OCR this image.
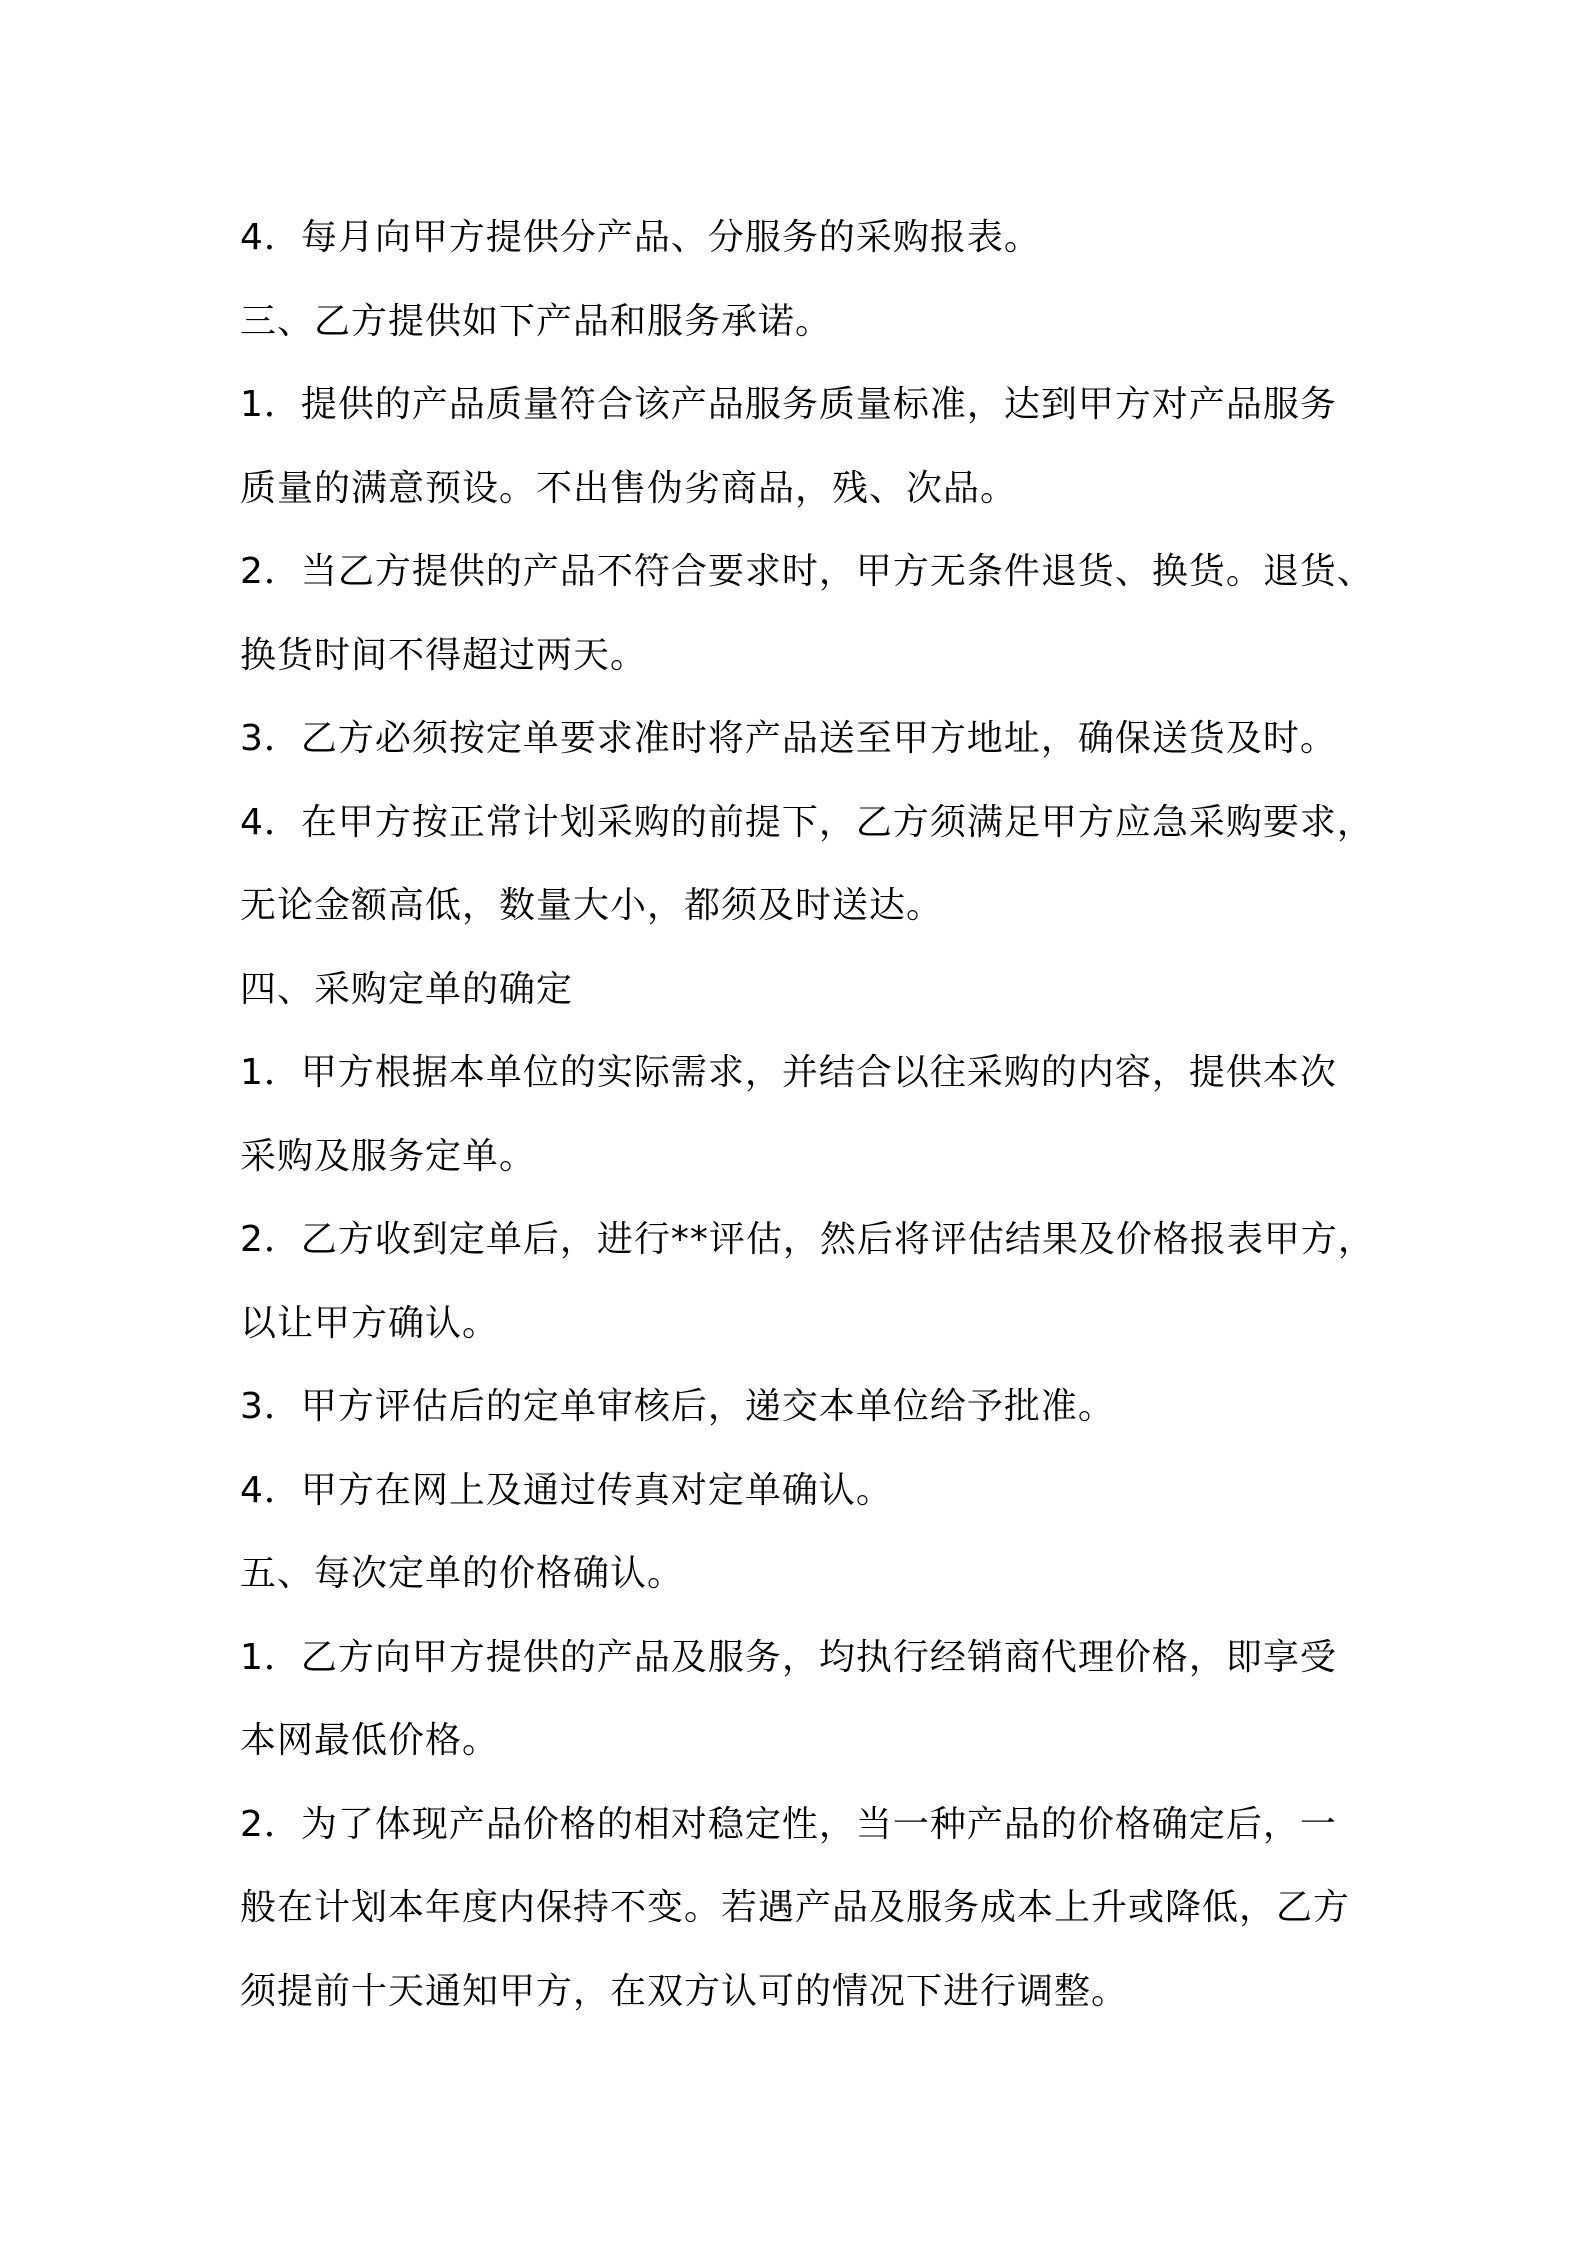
4．每月向甲方提供分产品、分服务的采购报表。
三、乙方提供如下产品和服务承诺。
1．提供的产品质量符合该产品服务质量标准，达到甲方对产品服务
质量的满意预设。不出售伪劣商品，残、次品。
2．当乙方提供的产品不符合要求时，甲方无条件退货、换货。退货、
换货时间不得超过两天。
3．乙方必须按定单要求准时将产品送至甲方地址，确保送货及时。
4．在甲方按正常计划采购的前提下，乙方须满足甲方应急采购要求，
无论金额高低，数量大小，都须及时送达。
四、采购定单的确定
1．甲方根据本单位的实际需求，并结合以往采购的内容，提供本次
采购及服务定单。
2．乙方收到定单后，进行**评估，然后将评估结果及价格报表甲方，
以让甲方确认。
3．甲方评估后的定单审核后，递交本单位给予批准。
4．甲方在网上及通过传真对定单确认。
五、每次定单的价格确认。
1．乙方向甲方提供的产品及服务，均执行经销商代理价格，即享受
本网最低价格。
2．为了体现产品价格的相对稳定性，当一种产品的价格确定后，一
般在计划本年度内保持不变。若遇产品及服务成本上升或降低，乙方
须提前十天通知甲方，在双方认可的情况下进行调整。
